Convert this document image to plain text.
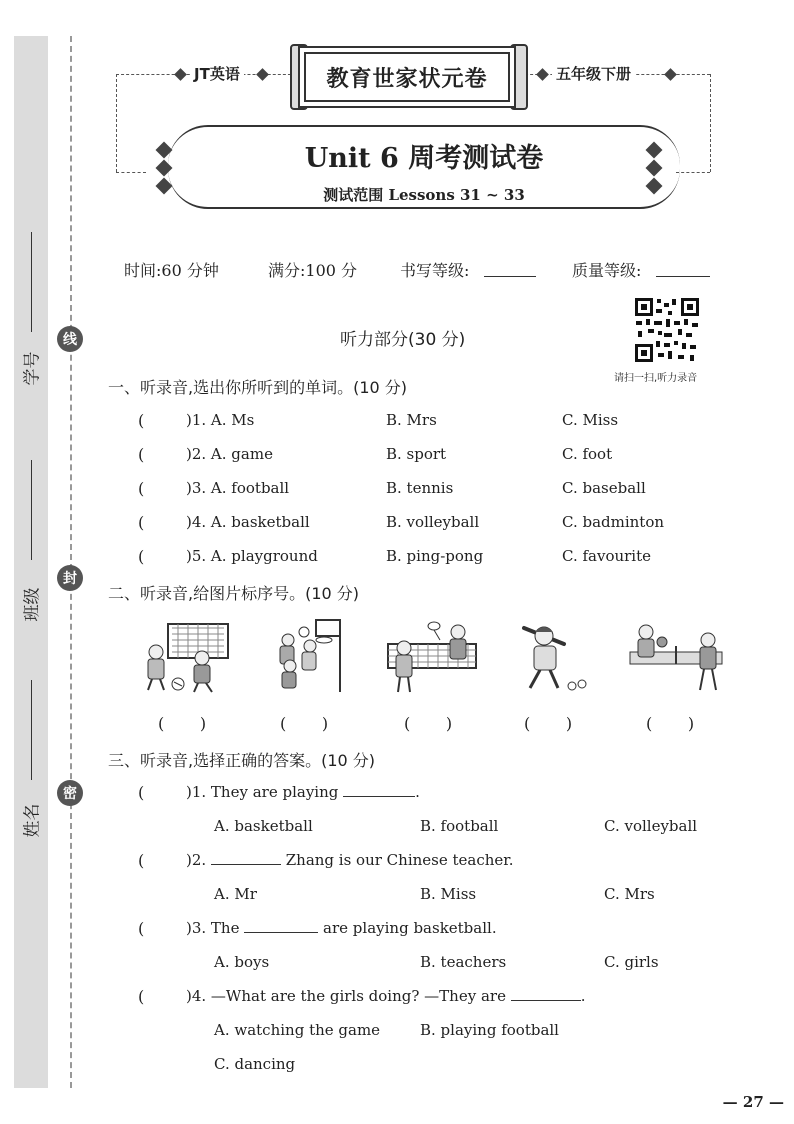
线
封
密
学号
班级
姓名
JT英语	五年级下册
教育世家状元卷
Unit 6 周考测试卷
测试范围 Lessons 31 ~ 33
时间:60 分钟	满分:100 分	书写等级:	质量等级:
听力部分(30 分)
请扫一扫,听力录音
一、听录音,选出你所听到的单词。(10 分)
(	)1. A. Ms	B. Mrs	C. Miss
(	)2. A. game	B. sport	C. foot
(	)3. A. football	B. tennis	C. baseball
(	)4. A. basketball	B. volleyball	C. badminton
(	)5. A. playground	B. ping-pong	C. favourite
二、听录音,给图片标序号。(10 分)
(       )	(       )	(       )	(       )	(       )
三、听录音,选择正确的答案。(10 分)
(	)1. They are playing	.
A. basketball	B. football	C. volleyball
(	)2.	Zhang is our Chinese teacher.
A. Mr	B. Miss	C. Mrs
(	)3. The	are playing basketball.
A. boys	B. teachers	C. girls
(	)4. —What are the girls doing? —They are	.
A. watching the game	B. playing football
C. dancing
— 27 —
